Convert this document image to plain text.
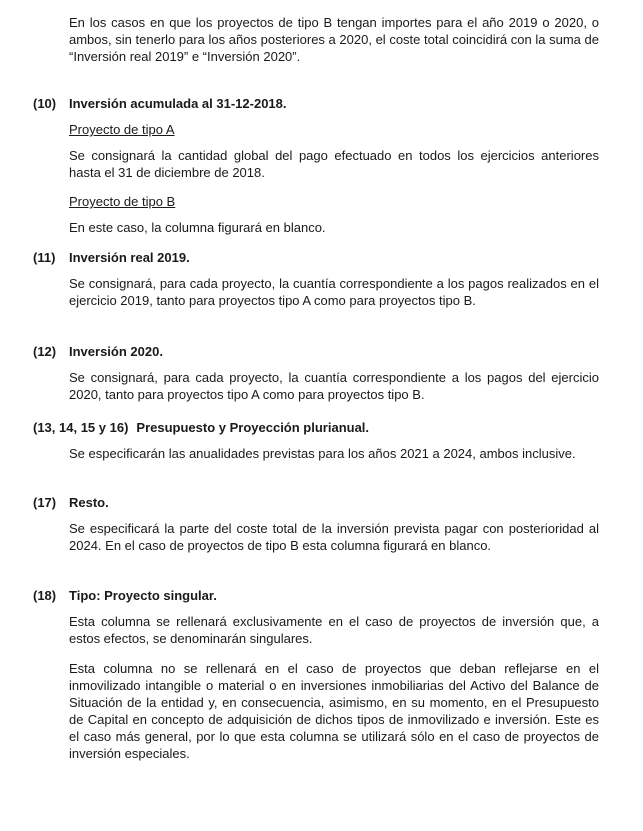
En los casos en que los proyectos de tipo B tengan importes para el año 2019 o 2020, o ambos, sin tenerlo para los años posteriores a 2020, el coste total coincidirá con la suma de “Inversión real 2019” e “Inversión 2020”.

(10) Inversión acumulada al 31-12-2018.
Proyecto de tipo A

Se consignará la cantidad global del pago efectuado en todos los ejercicios anteriores hasta el 31 de diciembre de 2018.

Proyecto de tipo B

En este caso, la columna figurará en blanco.

(11) Inversión real 2019.

Se consignará, para cada proyecto, la cuantía correspondiente a los pagos realizados en el ejercicio 2019, tanto para proyectos tipo A como para proyectos tipo B.

(12) Inversión 2020.

Se consignará, para cada proyecto, la cuantía correspondiente a los pagos del ejercicio 2020, tanto para proyectos tipo A como para proyectos tipo B.

(13, 14, 15 y 16) Presupuesto y Proyección plurianual.

Se especificarán las anualidades previstas para los años 2021 a 2024, ambos inclusive.

(17) Resto.

Se especificará la parte del coste total de la inversión prevista pagar con posterioridad al 2024. En el caso de proyectos de tipo B esta columna figurará en blanco.

(18) Tipo: Proyecto singular.

Esta columna se rellenará exclusivamente en el caso de proyectos de inversión que, a estos efectos, se denominarán singulares.

Esta columna no se rellenará en el caso de proyectos que deban reflejarse en el inmovilizado intangible o material o en inversiones inmobiliarias del Activo del Balance de Situación de la entidad y, en consecuencia, asimismo, en su momento, en el Presupuesto de Capital en concepto de adquisición de dichos tipos de inmovilizado e inversión. Este es el caso más general, por lo que esta columna se utilizará sólo en el caso de proyectos de inversión especiales.
